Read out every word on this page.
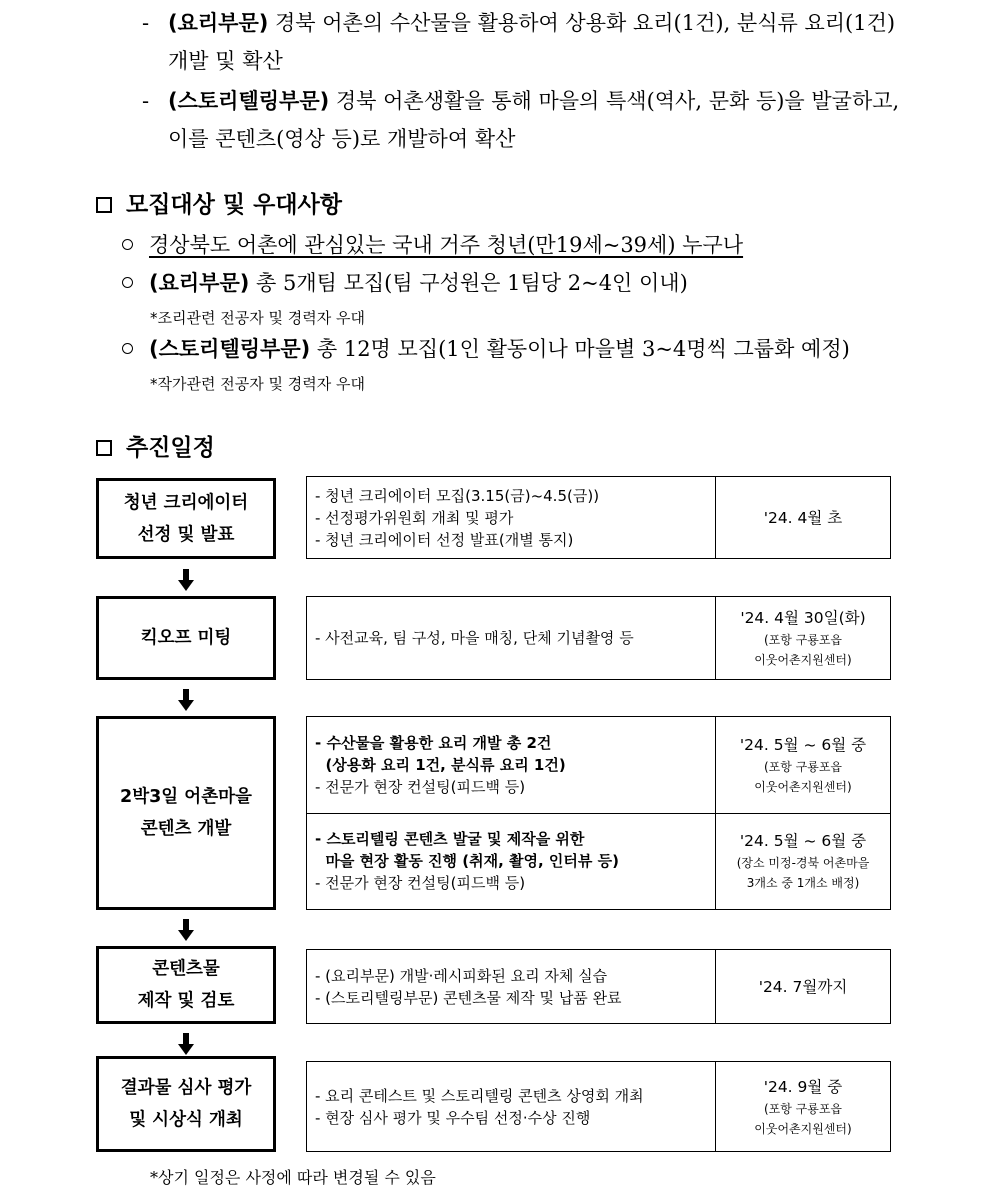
- (요리부문) 경북 어촌의 수산물을 활용하여 상용화 요리(1건), 분식류 요리(1건) 개발 및 확산
- (스토리텔링부문) 경북 어촌생활을 통해 마을의 특색(역사, 문화 등)을 발굴하고, 이를 콘텐츠(영상 등)로 개발하여 확산
모집대상 및 우대사항
경상북도 어촌에 관심있는 국내 거주 청년(만19세~39세) 누구나
(요리부문) 총 5개팀 모집(팀 구성원은 1팀당 2~4인 이내)
*조리관련 전공자 및 경력자 우대
(스토리텔링부문) 총 12명 모집(1인 활동이나 마을별 3~4명씩 그룹화 예정)
*작가관련 전공자 및 경력자 우대
추진일정
청년 크리에이터
선정 및 발표
- 청년 크리에이터 모집(3.15(금)~4.5(금))
- 선정평가위원회 개최 및 평가
- 청년 크리에이터 선정 발표(개별 통지)
'24. 4월 초
킥오프 미팅	- 사전교육, 팀 구성, 마을 매칭, 단체 기념촬영 등
'24. 4월 30일(화)
(포항 구룡포읍
이웃어촌지원센터)
2박3일 어촌마을
콘텐츠 개발
- 수산물을 활용한 요리 개발 총 2건
(상용화 요리 1건, 분식류 요리 1건)
- 전문가 현장 컨설팅(피드백 등)
'24. 5월 ~ 6월 중
(포항 구룡포읍
이웃어촌지원센터)
- 스토리텔링 콘텐츠 발굴 및 제작을 위한
마을 현장 활동 진행 (취재, 촬영, 인터뷰 등)
- 전문가 현장 컨설팅(피드백 등)
'24. 5월 ~ 6월 중
(장소 미정-경북 어촌마을
3개소 중 1개소 배정)
콘텐츠물
제작 및 검토
- (요리부문) 개발·레시피화된 요리 자체 실습
- (스토리텔링부문) 콘텐츠물 제작 및 납품 완료
'24. 7월까지
결과물 심사 평가
및 시상식 개최
- 요리 콘테스트 및 스토리텔링 콘텐츠 상영회 개최
- 현장 심사 평가 및 우수팀 선정·수상 진행
'24. 9월 중
(포항 구룡포읍
이웃어촌지원센터)
*상기 일정은 사정에 따라 변경될 수 있음
